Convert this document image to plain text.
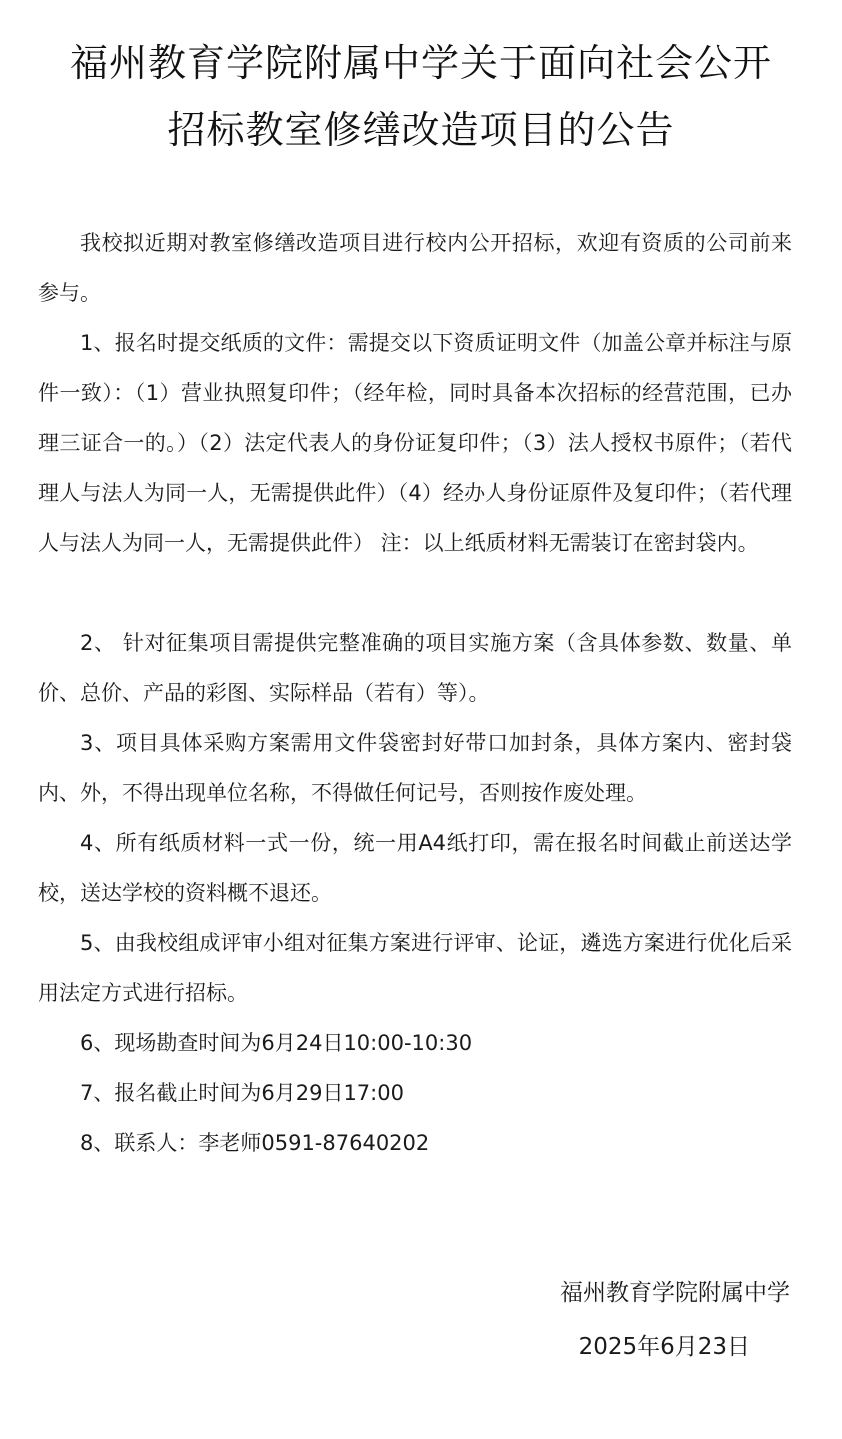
福州教育学院附属中学关于面向社会公开
招标教室修缮改造项目的公告

我校拟近期对教室修缮改造项目进行校内公开招标，欢迎有资质的公司前来参与。

1、报名时提交纸质的文件：需提交以下资质证明文件（加盖公章并标注与原件一致）：（1）营业执照复印件；（经年检，同时具备本次招标的经营范围，已办理三证合一的。）（2）法定代表人的身份证复印件；（3）法人授权书原件；（若代理人与法人为同一人，无需提供此件）（4）经办人身份证原件及复印件；（若代理人与法人为同一人，无需提供此件） 注：以上纸质材料无需装订在密封袋内。

2、 针对征集项目需提供完整准确的项目实施方案（含具体参数、数量、单价、总价、产品的彩图、实际样品（若有）等）。

3、项目具体采购方案需用文件袋密封好带口加封条，具体方案内、密封袋内、外，不得出现单位名称，不得做任何记号，否则按作废处理。

4、所有纸质材料一式一份，统一用A4纸打印，需在报名时间截止前送达学校，送达学校的资料概不退还。

5、由我校组成评审小组对征集方案进行评审、论证，遴选方案进行优化后采用法定方式进行招标。

6、现场勘查时间为6月24日10:00-10:30

7、报名截止时间为6月29日17:00

8、联系人：李老师0591-87640202

福州教育学院附属中学
2025年6月23日
